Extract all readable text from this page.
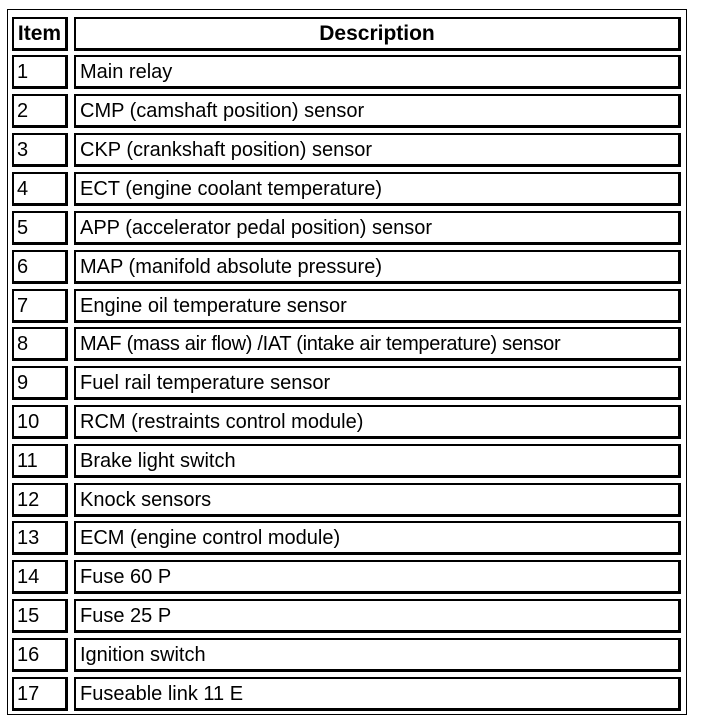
Item	Description
1	Main relay
2	CMP (camshaft position) sensor
3	CKP (crankshaft position) sensor
4	ECT (engine coolant temperature)
5	APP (accelerator pedal position) sensor
6	MAP (manifold absolute pressure)
7	Engine oil temperature sensor
8	MAF (mass air flow) /IAT (intake air temperature) sensor
9	Fuel rail temperature sensor
10	RCM (restraints control module)
11	Brake light switch
12	Knock sensors
13	ECM (engine control module)
14	Fuse 60 P
15	Fuse 25 P
16	Ignition switch
17	Fuseable link 11 E
